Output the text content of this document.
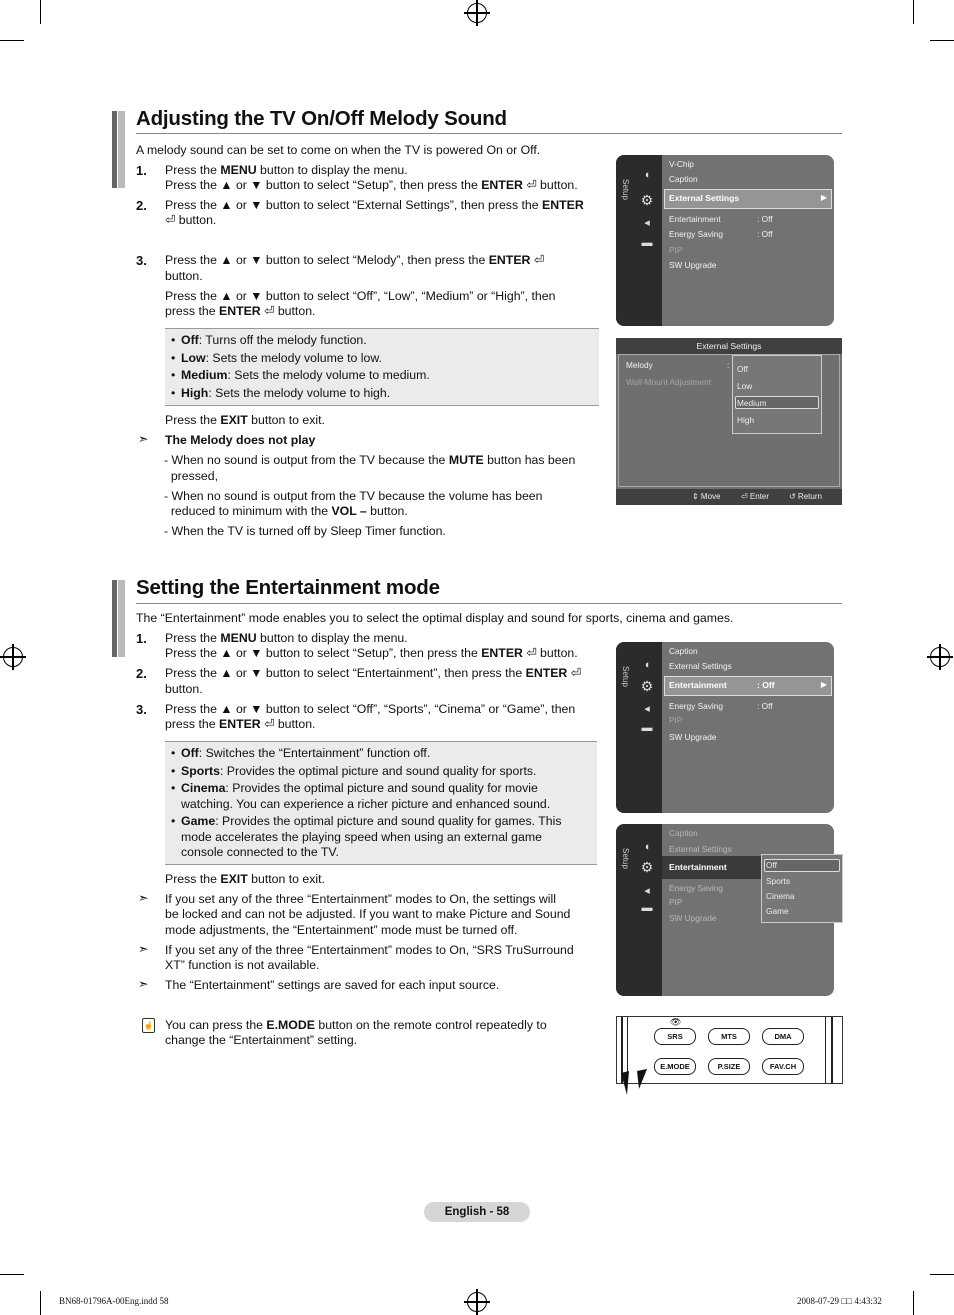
Adjusting the TV On/Off Melody Sound
A melody sound can be set to come on when the TV is powered On or Off.
1. Press the MENU button to display the menu.
Press the ▲ or ▼ button to select “Setup”, then press the ENTER ⏎ button.
2. Press the ▲ or ▼ button to select “External Settings”, then press the ENTER
⏎ button.
3. Press the ▲ or ▼ button to select “Melody”, then press the ENTER ⏎
button.
Press the ▲ or ▼ button to select “Off”, “Low”, “Medium” or “High”, then
press the ENTER ⏎ button.
• Off: Turns off the melody function.
• Low: Sets the melody volume to low.
• Medium: Sets the melody volume to medium.
• High: Sets the melody volume to high.
Press the EXIT button to exit.
➣ The Melody does not play
- When no sound is output from the TV because the MUTE button has been
pressed,
- When no sound is output from the TV because the volume has been
reduced to minimum with the VOL – button.
- When the TV is turned off by Sleep Timer function.
Setup
◖
⚙
◂
▬
V-Chip
Caption
External Settings	▶
Entertainment	: Off
Energy Saving	: Off
PIP
SW Upgrade
External Settings
Melody	:
Wall-Mount Adjustment
Off
Low
Medium
High
⇕ Move	⏎ Enter ↺ Return
Setting the Entertainment mode
The “Entertainment” mode enables you to select the optimal display and sound for sports, cinema and games.
1. Press the MENU button to display the menu.
Press the ▲ or ▼ button to select “Setup”, then press the ENTER ⏎ button.
2. Press the ▲ or ▼ button to select “Entertainment”, then press the ENTER ⏎
button.
3. Press the ▲ or ▼ button to select “Off”, “Sports”, “Cinema” or “Game”, then
press the ENTER ⏎ button.
• Off: Switches the “Entertainment” function off.
• Sports: Provides the optimal picture and sound quality for sports.
• Cinema: Provides the optimal picture and sound quality for movie watching. You can experience a richer picture and enhanced sound.
• Game: Provides the optimal picture and sound quality for games. This mode accelerates the playing speed when using an external game console connected to the TV.
Press the EXIT button to exit.
➣ If you set any of the three “Entertainment” modes to On, the settings will
be locked and can not be adjusted. If you want to make Picture and Sound
mode adjustments, the “Entertainment” mode must be turned off.
➣ If you set any of the three “Entertainment” modes to On, “SRS TruSurround
XT” function is not available.
➣ The “Entertainment” settings are saved for each input source.
☝ You can press the E.MODE button on the remote control repeatedly to
change the “Entertainment” setting.
Setup
◖
⚙
◂
▬
Caption
External Settings
Entertainment	: Off	▶
Energy Saving	: Off
PIP
SW Upgrade
Setup
◖
⚙
◂
▬
Caption
External Settings
Entertainment
Energy Saving
PIP
SW Upgrade
Off
Sports
Cinema
Game
👁
SRS	MTS	DMA
E.MODE	P.SIZE	FAV.CH
English - 58
BN68-01796A-00Eng.indd 58	2008-07-29 □□ 4:43:32
